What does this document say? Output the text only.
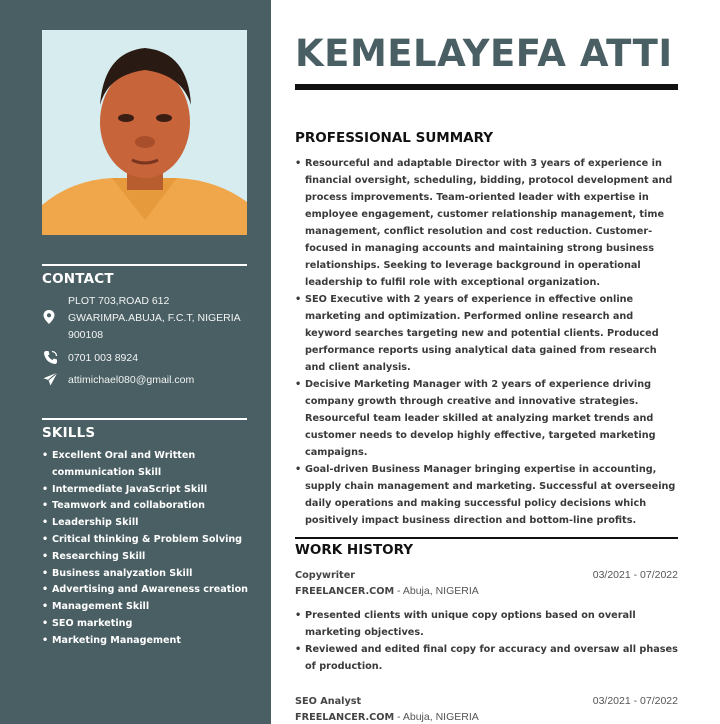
CONTACT
PLOT 703,ROAD 612
GWARIMPA.ABUJA, F.C.T, NIGERIA
900108
0701 003 8924
attimichael080@gmail.com
SKILLS
• Excellent Oral and Written communication Skill
• Intermediate JavaScript Skill
• Teamwork and collaboration
• Leadership Skill
• Critical thinking & Problem Solving
• Researching Skill
• Business analyzation Skill
• Advertising and Awareness creation
• Management Skill
• SEO marketing
• Marketing Management
KEMELAYEFA ATTI
PROFESSIONAL SUMMARY
• Resourceful and adaptable Director with 3 years of experience in financial oversight, scheduling, bidding, protocol development and process improvements. Team-oriented leader with expertise in employee engagement, customer relationship management, time management, conflict resolution and cost reduction. Customer-focused in managing accounts and maintaining strong business relationships. Seeking to leverage background in operational leadership to fulfil role with exceptional organization.
• SEO Executive with 2 years of experience in effective online marketing and optimization. Performed online research and keyword searches targeting new and potential clients. Produced performance reports using analytical data gained from research and client analysis.
• Decisive Marketing Manager with 2 years of experience driving company growth through creative and innovative strategies. Resourceful team leader skilled at analyzing market trends and customer needs to develop highly effective, targeted marketing campaigns.
• Goal-driven Business Manager bringing expertise in accounting, supply chain management and marketing. Successful at overseeing daily operations and making successful policy decisions which positively impact business direction and bottom-line profits.
WORK HISTORY
Copywriter	03/2021 - 07/2022
FREELANCER.COM - Abuja, NIGERIA
• Presented clients with unique copy options based on overall marketing objectives.
• Reviewed and edited final copy for accuracy and oversaw all phases of production.
SEO Analyst	03/2021 - 07/2022
FREELANCER.COM - Abuja, NIGERIA
